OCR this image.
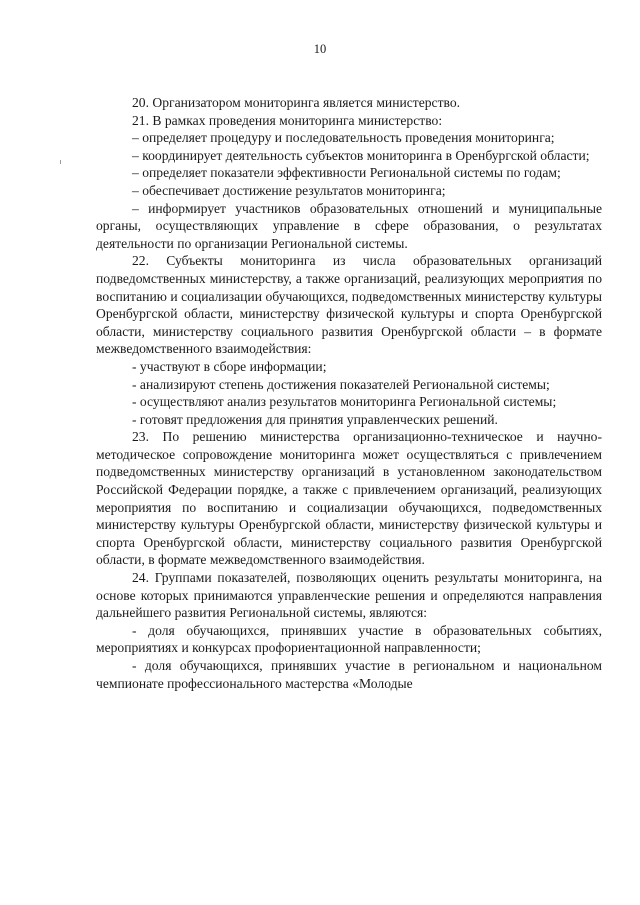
10

20. Организатором мониторинга является министерство.

21. В рамках проведения мониторинга министерство:

– определяет процедуру и последовательность проведения мониторинга;

– координирует деятельность субъектов мониторинга в Оренбургской области;

– определяет показатели эффективности Региональной системы по годам;

– обеспечивает достижение результатов мониторинга;

– информирует участников образовательных отношений и муниципальные органы, осуществляющих управление в сфере образования, о результатах деятельности по организации Региональной системы.

22. Субъекты мониторинга из числа образовательных организаций подведомственных министерству, а также организаций, реализующих мероприятия по воспитанию и социализации обучающихся, подведомственных министерству культуры Оренбургской области, министерству физической культуры и спорта Оренбургской области, министерству социального развития Оренбургской области – в формате межведомственного взаимодействия:

- участвуют в сборе информации;

- анализируют степень достижения показателей Региональной системы;

- осуществляют анализ результатов мониторинга Региональной системы;

- готовят предложения для принятия управленческих решений.

23. По решению министерства организационно-техническое и научно-методическое сопровождение мониторинга может осуществляться с привлечением подведомственных министерству организаций в установленном законодательством Российской Федерации порядке, а также с привлечением организаций, реализующих мероприятия по воспитанию и социализации обучающихся, подведомственных министерству культуры Оренбургской области, министерству физической культуры и спорта Оренбургской области, министерству социального развития Оренбургской области, в формате межведомственного взаимодействия.

24. Группами показателей, позволяющих оценить результаты мониторинга, на основе которых принимаются управленческие решения и определяются направления дальнейшего развития Региональной системы, являются:

- доля обучающихся, принявших участие в образовательных событиях, мероприятиях и конкурсах профориентационной направленности;

- доля обучающихся, принявших участие в региональном и национальном чемпионате профессионального мастерства «Молодые
